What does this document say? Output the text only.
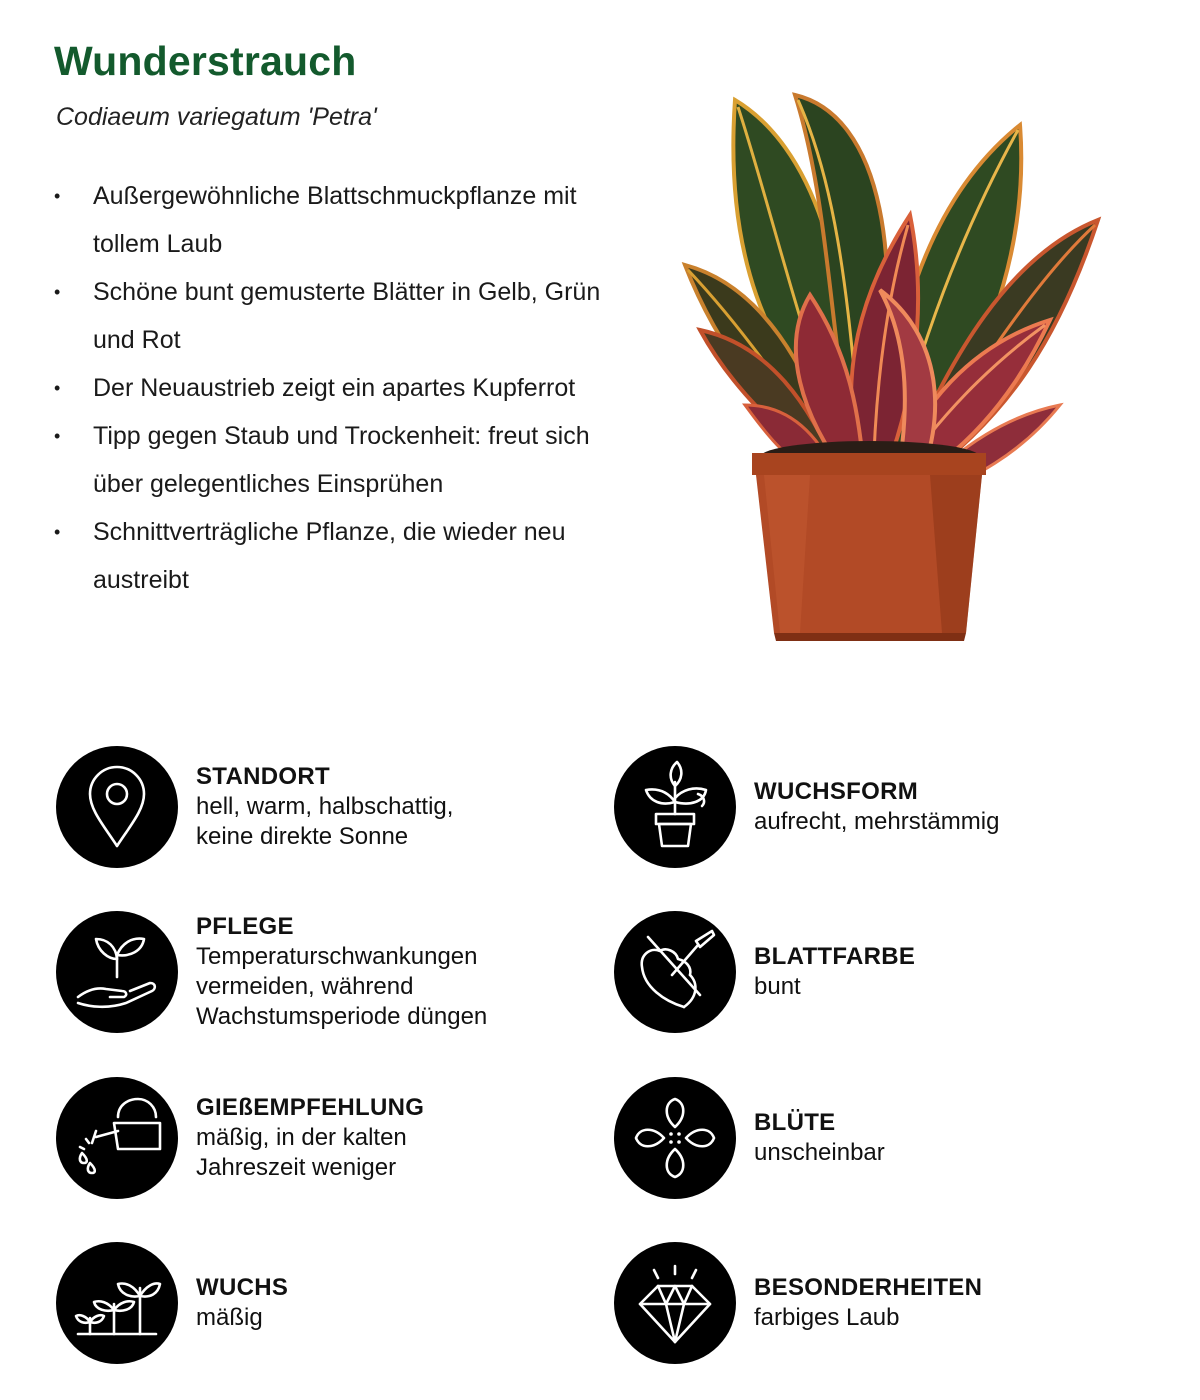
Wunderstrauch
Codiaeum variegatum 'Petra'
• Außergewöhnliche Blattschmuckpflanze mit tollem Laub
• Schöne bunt gemusterte Blätter in Gelb, Grün und Rot
• Der Neuaustrieb zeigt ein apartes Kupferrot
• Tipp gegen Staub und Trockenheit: freut sich über gelegentliches Einsprühen
• Schnittverträgliche Pflanze, die wieder neu austreibt
STANDORT
hell, warm, halbschattig,
keine direkte Sonne
WUCHSFORM
aufrecht, mehrstämmig
PFLEGE
Temperaturschwankungen
vermeiden, während
Wachstumsperiode düngen
BLATTFARBE
bunt
GIEßEMPFEHLUNG
mäßig, in der kalten
Jahreszeit weniger
BLÜTE
unscheinbar
WUCHS
mäßig
BESONDERHEITEN
farbiges Laub
